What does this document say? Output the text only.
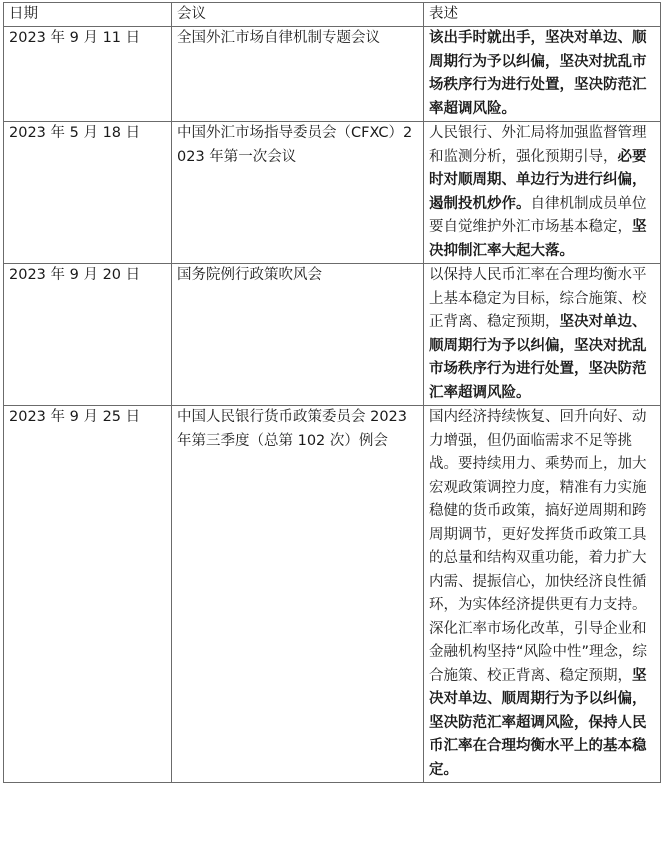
日期	会议	表述
2023 年 9 月 11 日	全国外汇市场自律机制专题会议	该出手时就出手，坚决对单边、顺周期行为予以纠偏，坚决对扰乱市场秩序行为进行处置，坚决防范汇率超调风险。

2023 年 5 月 18 日	中国外汇市场指导委员会（CFXC）2023 年第一次会议	人民银行、外汇局将加强监督管理和监测分析，强化预期引导，必要时对顺周期、单边行为进行纠偏，遏制投机炒作。自律机制成员单位要自觉维护外汇市场基本稳定，坚决抑制汇率大起大落。

2023 年 9 月 20 日	国务院例行政策吹风会	以保持人民币汇率在合理均衡水平上基本稳定为目标，综合施策、校正背离、稳定预期，坚决对单边、顺周期行为予以纠偏，坚决对扰乱市场秩序行为进行处置，坚决防范汇率超调风险。

2023 年 9 月 25 日	中国人民银行货币政策委员会 2023 年第三季度（总第 102 次）例会	国内经济持续恢复、回升向好、动力增强，但仍面临需求不足等挑战。要持续用力、乘势而上，加大宏观政策调控力度，精准有力实施稳健的货币政策，搞好逆周期和跨周期调节，更好发挥货币政策工具的总量和结构双重功能，着力扩大内需、提振信心，加快经济良性循环，为实体经济提供更有力支持。
深化汇率市场化改革，引导企业和金融机构坚持“风险中性”理念，综合施策、校正背离、稳定预期，坚决对单边、顺周期行为予以纠偏，坚决防范汇率超调风险，保持人民币汇率在合理均衡水平上的基本稳定。
